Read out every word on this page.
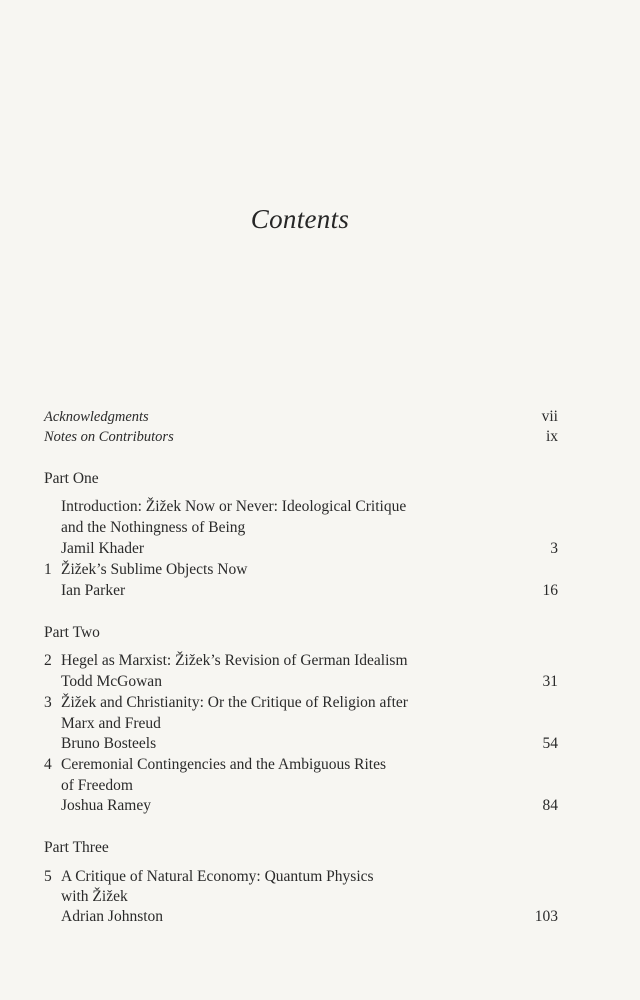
Contents
Acknowledgments	vii
Notes on Contributors	ix
Part One
Introduction: Žižek Now or Never: Ideological Critique
and the Nothingness of Being
Jamil Khader	3
1 Žižek’s Sublime Objects Now
Ian Parker	16
Part Two
2 Hegel as Marxist: Žižek’s Revision of German Idealism
Todd McGowan	31
3 Žižek and Christianity: Or the Critique of Religion after
Marx and Freud
Bruno Bosteels	54
4 Ceremonial Contingencies and the Ambiguous Rites
of Freedom
Joshua Ramey	84
Part Three
5 A Critique of Natural Economy: Quantum Physics
with Žižek
Adrian Johnston	103
